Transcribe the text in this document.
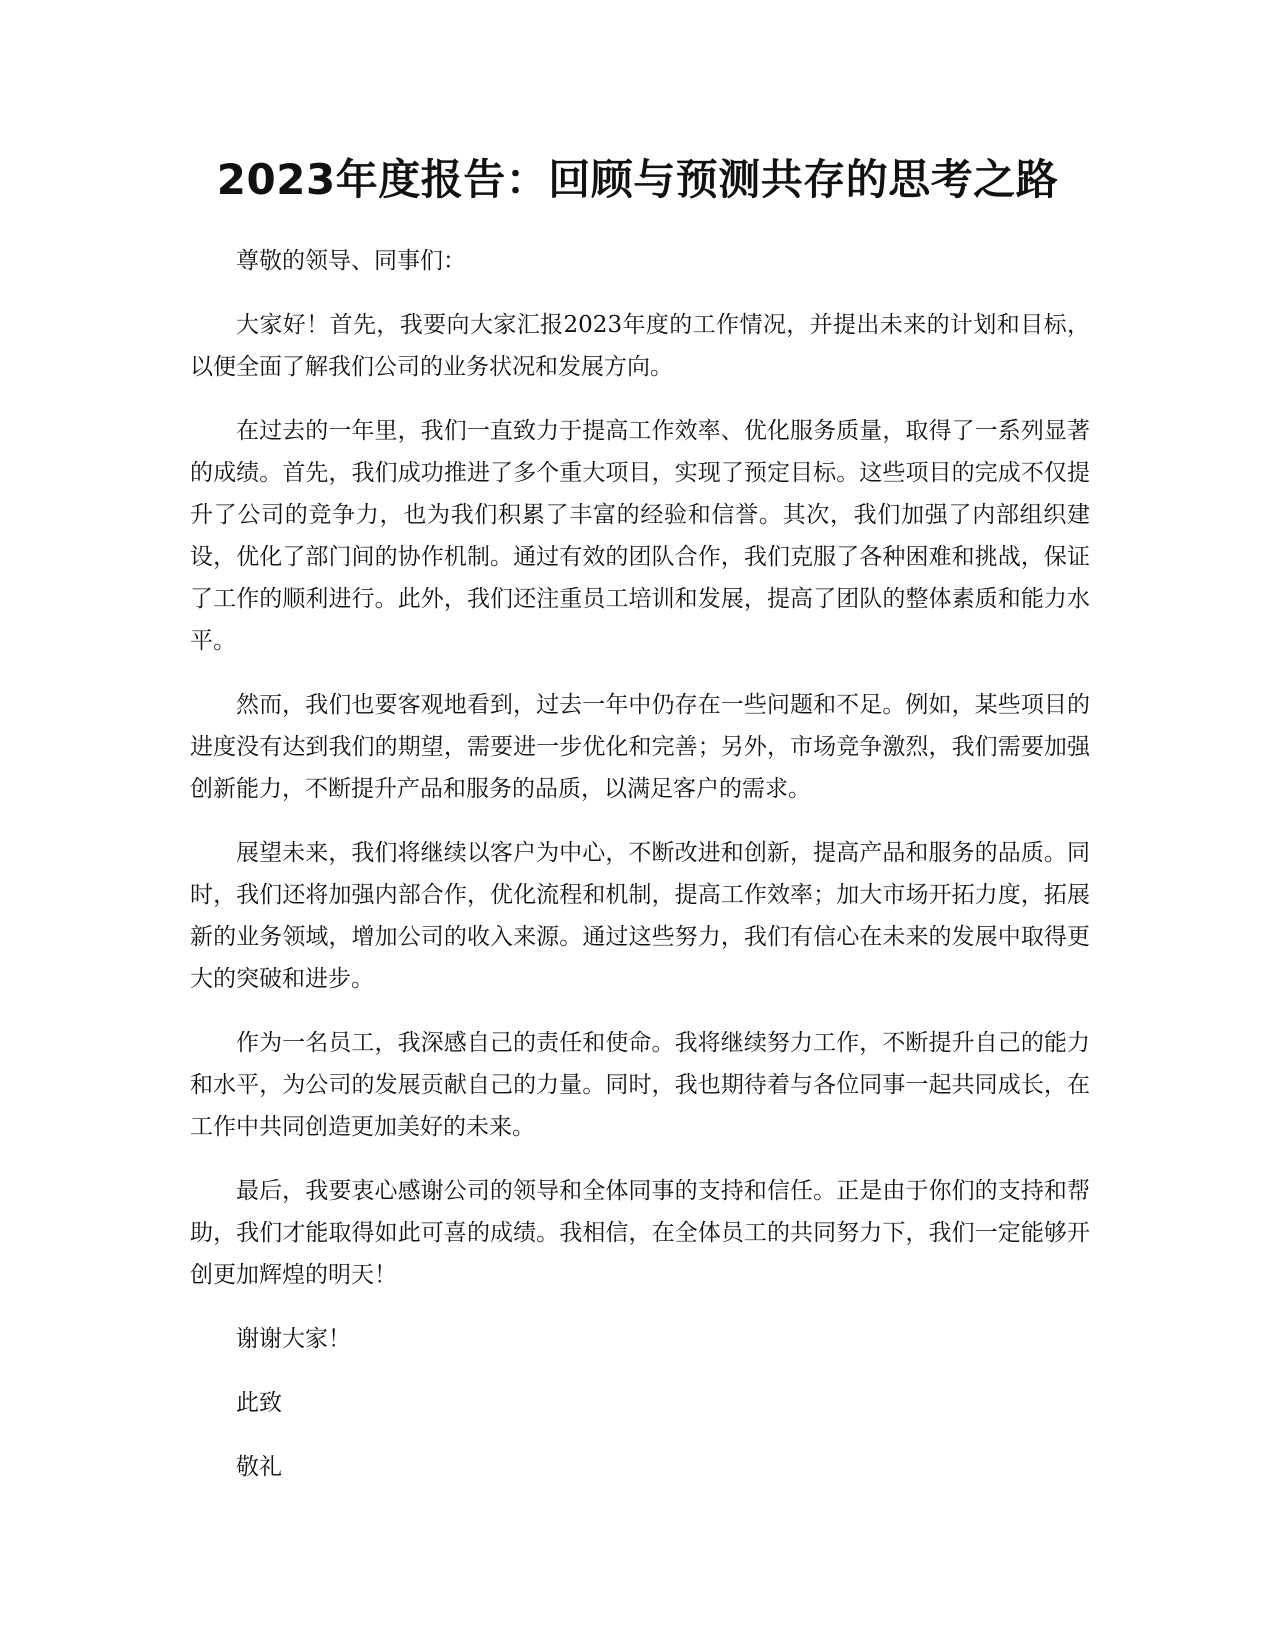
2023年度报告：回顾与预测共存的思考之路

尊敬的领导、同事们：

大家好！首先，我要向大家汇报2023年度的工作情况，并提出未来的计划和目标，以便全面了解我们公司的业务状况和发展方向。

在过去的一年里，我们一直致力于提高工作效率、优化服务质量，取得了一系列显著的成绩。首先，我们成功推进了多个重大项目，实现了预定目标。这些项目的完成不仅提升了公司的竞争力，也为我们积累了丰富的经验和信誉。其次，我们加强了内部组织建设，优化了部门间的协作机制。通过有效的团队合作，我们克服了各种困难和挑战，保证了工作的顺利进行。此外，我们还注重员工培训和发展，提高了团队的整体素质和能力水平。

然而，我们也要客观地看到，过去一年中仍存在一些问题和不足。例如，某些项目的进度没有达到我们的期望，需要进一步优化和完善；另外，市场竞争激烈，我们需要加强创新能力，不断提升产品和服务的品质，以满足客户的需求。

展望未来，我们将继续以客户为中心，不断改进和创新，提高产品和服务的品质。同时，我们还将加强内部合作，优化流程和机制，提高工作效率；加大市场开拓力度，拓展新的业务领域，增加公司的收入来源。通过这些努力，我们有信心在未来的发展中取得更大的突破和进步。

作为一名员工，我深感自己的责任和使命。我将继续努力工作，不断提升自己的能力和水平，为公司的发展贡献自己的力量。同时，我也期待着与各位同事一起共同成长，在工作中共同创造更加美好的未来。

最后，我要衷心感谢公司的领导和全体同事的支持和信任。正是由于你们的支持和帮助，我们才能取得如此可喜的成绩。我相信，在全体员工的共同努力下，我们一定能够开创更加辉煌的明天！

谢谢大家！

此致

敬礼
